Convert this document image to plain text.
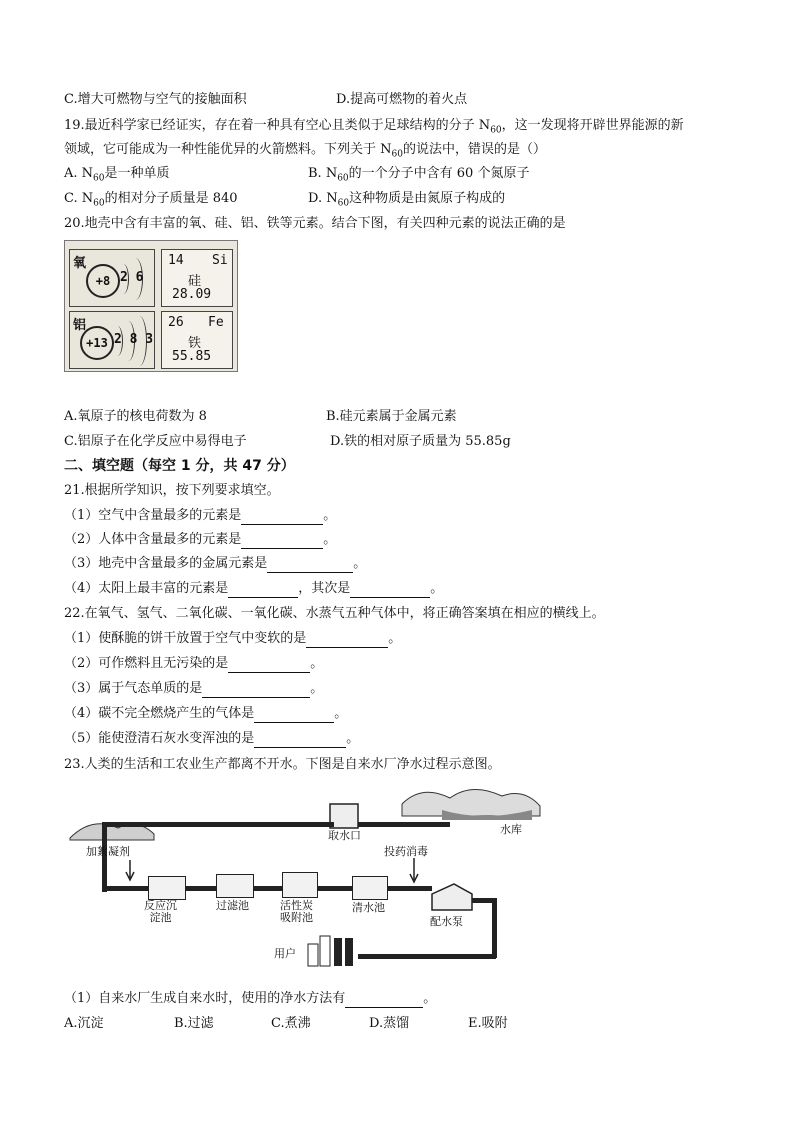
C.增大可燃物与空气的接触面积	D.提高可燃物的着火点
19.最近科学家已经证实，存在着一种具有空心且类似于足球结构的分子 $N_{60}$，这一发现将开辟世界能源的新
领域，它可能成为一种性能优异的火箭燃料。下列关于 $N_{60}$的说法中，错误的是（）
A. $N_{60}$是一种单质	B. $N_{60}$的一个分子中含有 60 个氮原子
C. $N_{60}$的相对分子质量是 840	D. $N_{60}$这种物质是由氮原子构成的
20.地壳中含有丰富的氧、硅、铝、铁等元素。结合下图，有关四种元素的说法正确的是
氧
+8 2 6
14 Si
硅
28.09
铝
+13 2 8 3
26 Fe
铁
55.85
A.氧原子的核电荷数为 8	B.硅元素属于金属元素
C.铝原子在化学反应中易得电子	D.铁的相对原子质量为 55.85g
二、填空题（每空 1 分，共 47 分）
21.根据所学知识，按下列要求填空。
（1）空气中含量最多的元素是	。
（2）人体中含量最多的元素是	。
（3）地壳中含量最多的金属元素是	。
（4）太阳上最丰富的元素是	，其次是	。
22.在氧气、氢气、二氧化碳、一氧化碳、水蒸气五种气体中，将正确答案填在相应的横线上。
（1）使酥脆的饼干放置于空气中变软的是	。
（2）可作燃料且无污染的是	。
（3）属于气态单质的是	。
（4）碳不完全燃烧产生的气体是	。
（5）能使澄清石灰水变浑浊的是	。
23.人类的生活和工农业生产都离不开水。下图是自来水厂净水过程示意图。
取水口	水库
加絮凝剂
反应沉
淀池
过滤池	活性炭
吸附池
清水池
投药消毒
配水泵
用户
（1）自来水厂生成自来水时，使用的净水方法有	。
A.沉淀	B.过滤	C.煮沸	D.蒸馏	E.吸附
